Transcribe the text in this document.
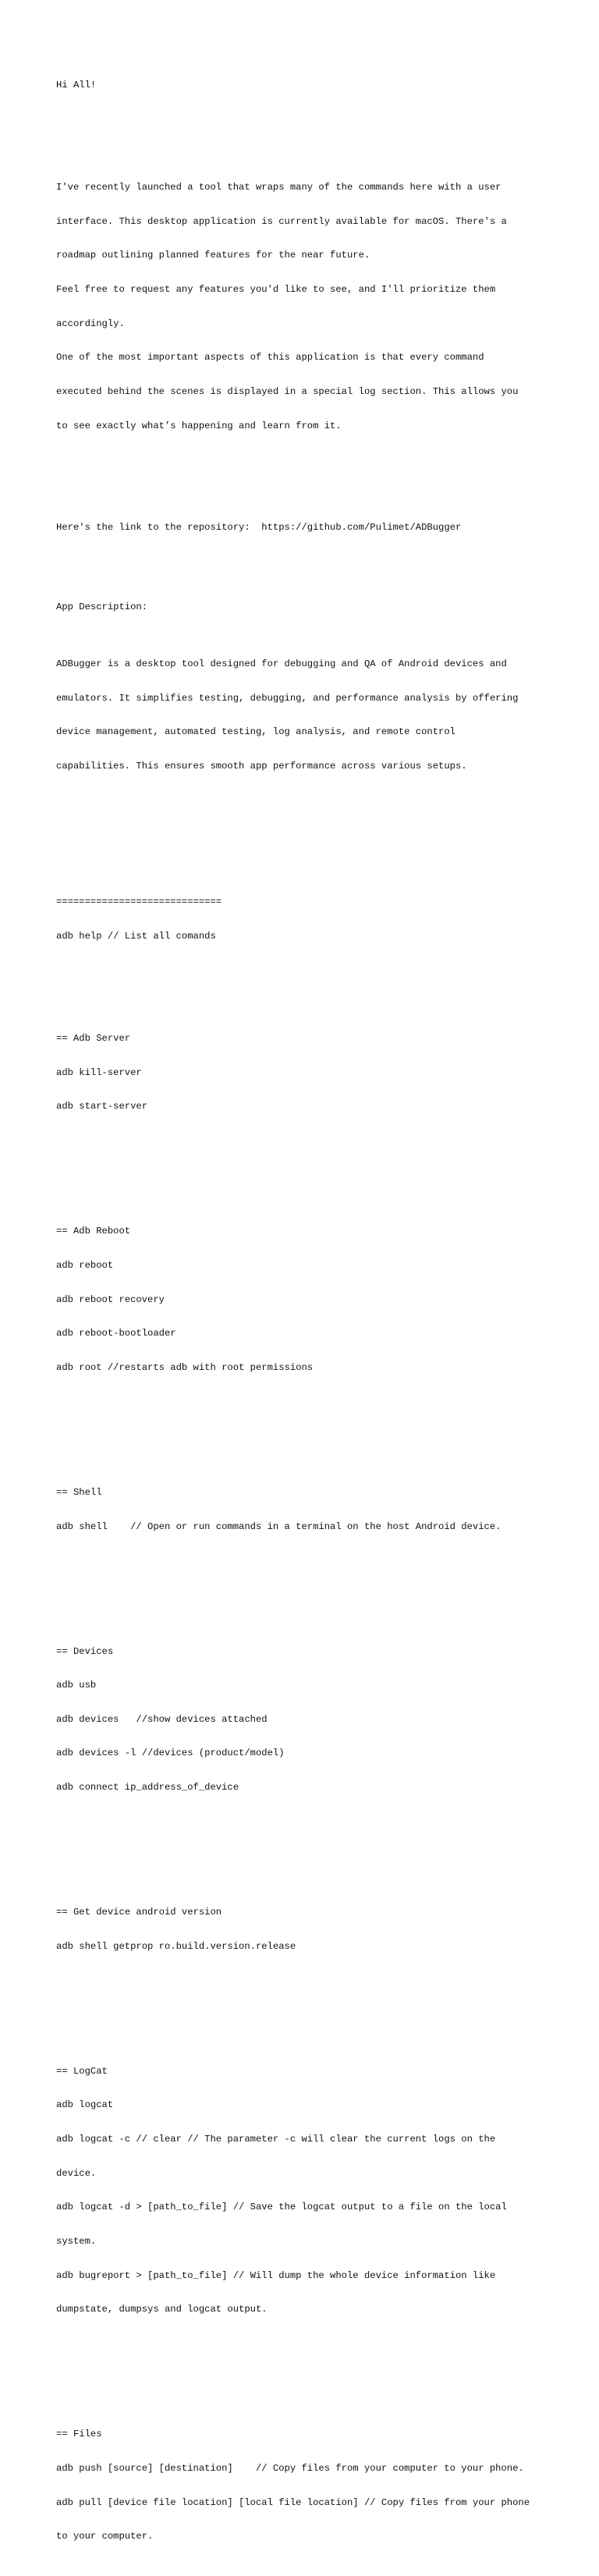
Hi All!

I've recently launched a tool that wraps many of the commands here with a user

interface. This desktop application is currently available for macOS. There's a

roadmap outlining planned features for the near future.

Feel free to request any features you'd like to see, and I'll prioritize them

accordingly.

One of the most important aspects of this application is that every command

executed behind the scenes is displayed in a special log section. This allows you

to see exactly what’s happening and learn from it.

Here's the link to the repository:  https://github.com/Pulimet/ADBugger

App Description:

ADBugger is a desktop tool designed for debugging and QA of Android devices and

emulators. It simplifies testing, debugging, and performance analysis by offering

device management, automated testing, log analysis, and remote control

capabilities. This ensures smooth app performance across various setups.

=============================

adb help // List all comands

== Adb Server

adb kill-server

adb start-server

== Adb Reboot

adb reboot

adb reboot recovery

adb reboot-bootloader

adb root //restarts adb with root permissions

== Shell

adb shell    // Open or run commands in a terminal on the host Android device.

== Devices

adb usb

adb devices   //show devices attached

adb devices -l //devices (product/model)

adb connect ip_address_of_device

== Get device android version

adb shell getprop ro.build.version.release

== LogCat

adb logcat

adb logcat -c // clear // The parameter -c will clear the current logs on the

device.

adb logcat -d > [path_to_file] // Save the logcat output to a file on the local

system.

adb bugreport > [path_to_file] // Will dump the whole device information like

dumpstate, dumpsys and logcat output.

== Files

adb push [source] [destination]    // Copy files from your computer to your phone.

adb pull [device file location] [local file location] // Copy files from your phone

to your computer.
